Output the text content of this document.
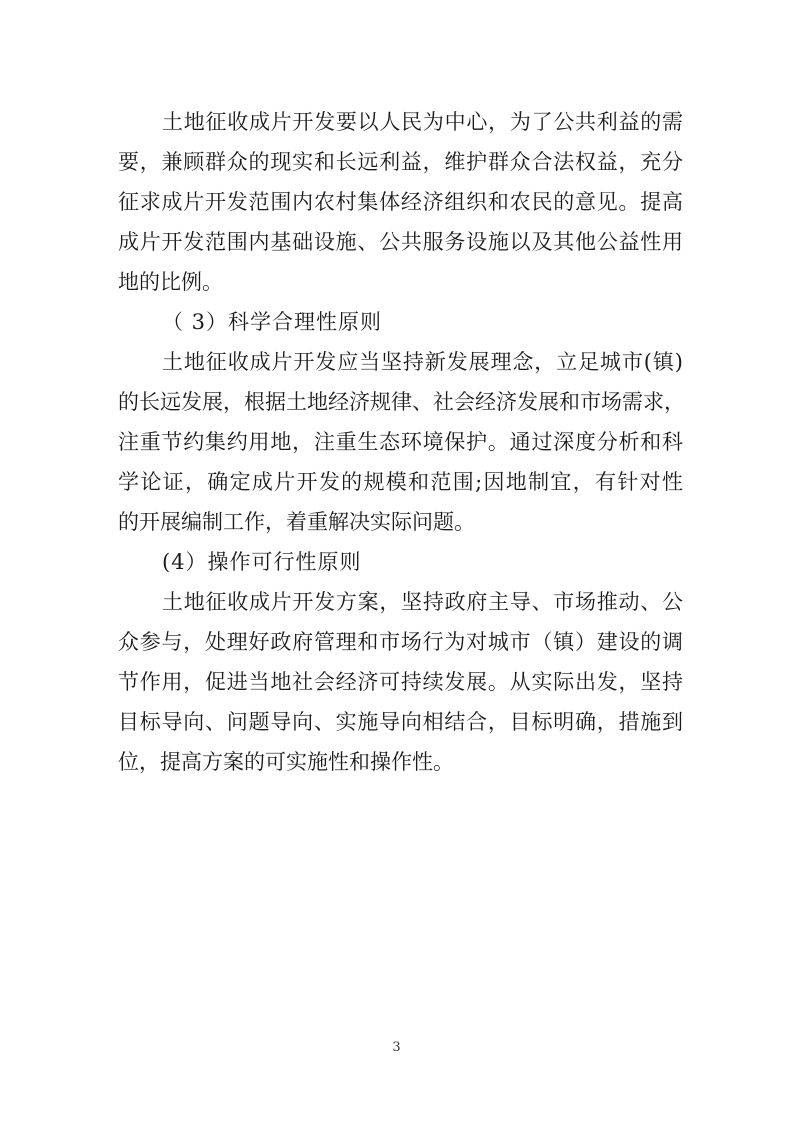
土地征收成片开发要以人民为中心，为了公共利益的需
要，兼顾群众的现实和长远利益，维护群众合法权益，充分
征求成片开发范围内农村集体经济组织和农民的意见。提高
成片开发范围内基础设施、公共服务设施以及其他公益性用
地的比例。
（ 3）科学合理性原则
土地征收成片开发应当坚持新发展理念，立足城市(镇)
的长远发展，根据土地经济规律、社会经济发展和市场需求，
注重节约集约用地，注重生态环境保护。通过深度分析和科
学论证，确定成片开发的规模和范围;因地制宜，有针对性
的开展编制工作，着重解决实际问题。
(4）操作可行性原则
土地征收成片开发方案，坚持政府主导、市场推动、公
众参与，处理好政府管理和市场行为对城市（镇）建设的调
节作用，促进当地社会经济可持续发展。从实际出发，坚持
目标导向、问题导向、实施导向相结合，目标明确，措施到
位，提高方案的可实施性和操作性。
3
